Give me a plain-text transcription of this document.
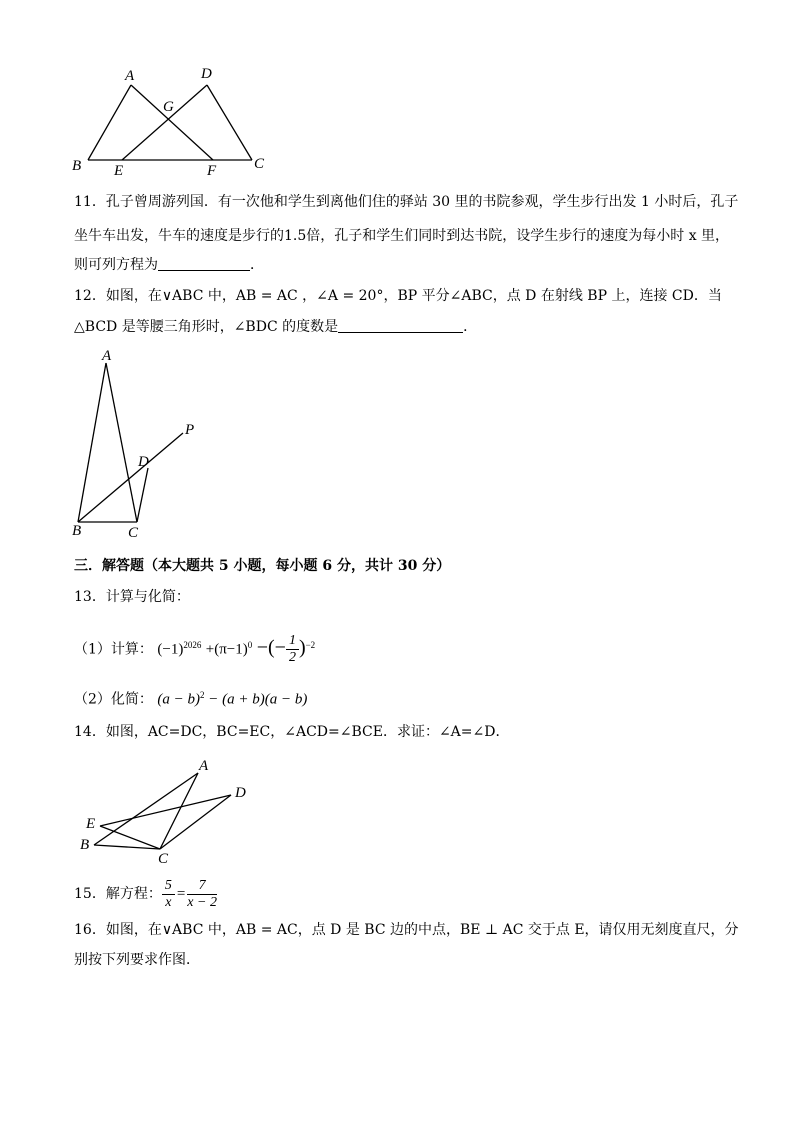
A	D
G
B E	F	C
11．孔子曾周游列国．有一次他和学生到离他们住的驿站 30 里的书院参观，学生步行出发 1 小时后，孔子
坐牛车出发，牛车的速度是步行的1.5倍，孔子和学生们同时到达书院，设学生步行的速度为每小时 x 里，
则可列方程为	．
12．如图，在∨ABC 中，AB = AC ，∠A = 20°，BP 平分∠ABC，点 D 在射线 BP 上，连接 CD．当
△BCD 是等腰三角形时，∠BDC 的度数是	．
A
P
D
B	C
三．解答题（本大题共 5 小题，每小题 6 分，共计 30 分）
13．计算与化简：
（1）计算： $(-1)^{2026} +(\pi-1)^0$ −(− $\frac{1}{2} )^{-2}$
（2）化简： $(a - b)^2 - (a + b)(a - b)$
14．如图，AC=DC，BC=EC，∠ACD=∠BCE．求证：∠A=∠D．
A
D
E
B
C
15．解方程： $\frac{5}{x} = \frac{7}{x - 2}$
16．如图，在∨ABC 中，AB = AC，点 D 是 BC 边的中点，BE ⊥ AC 交于点 E，请仅用无刻度直尺，分
别按下列要求作图．
